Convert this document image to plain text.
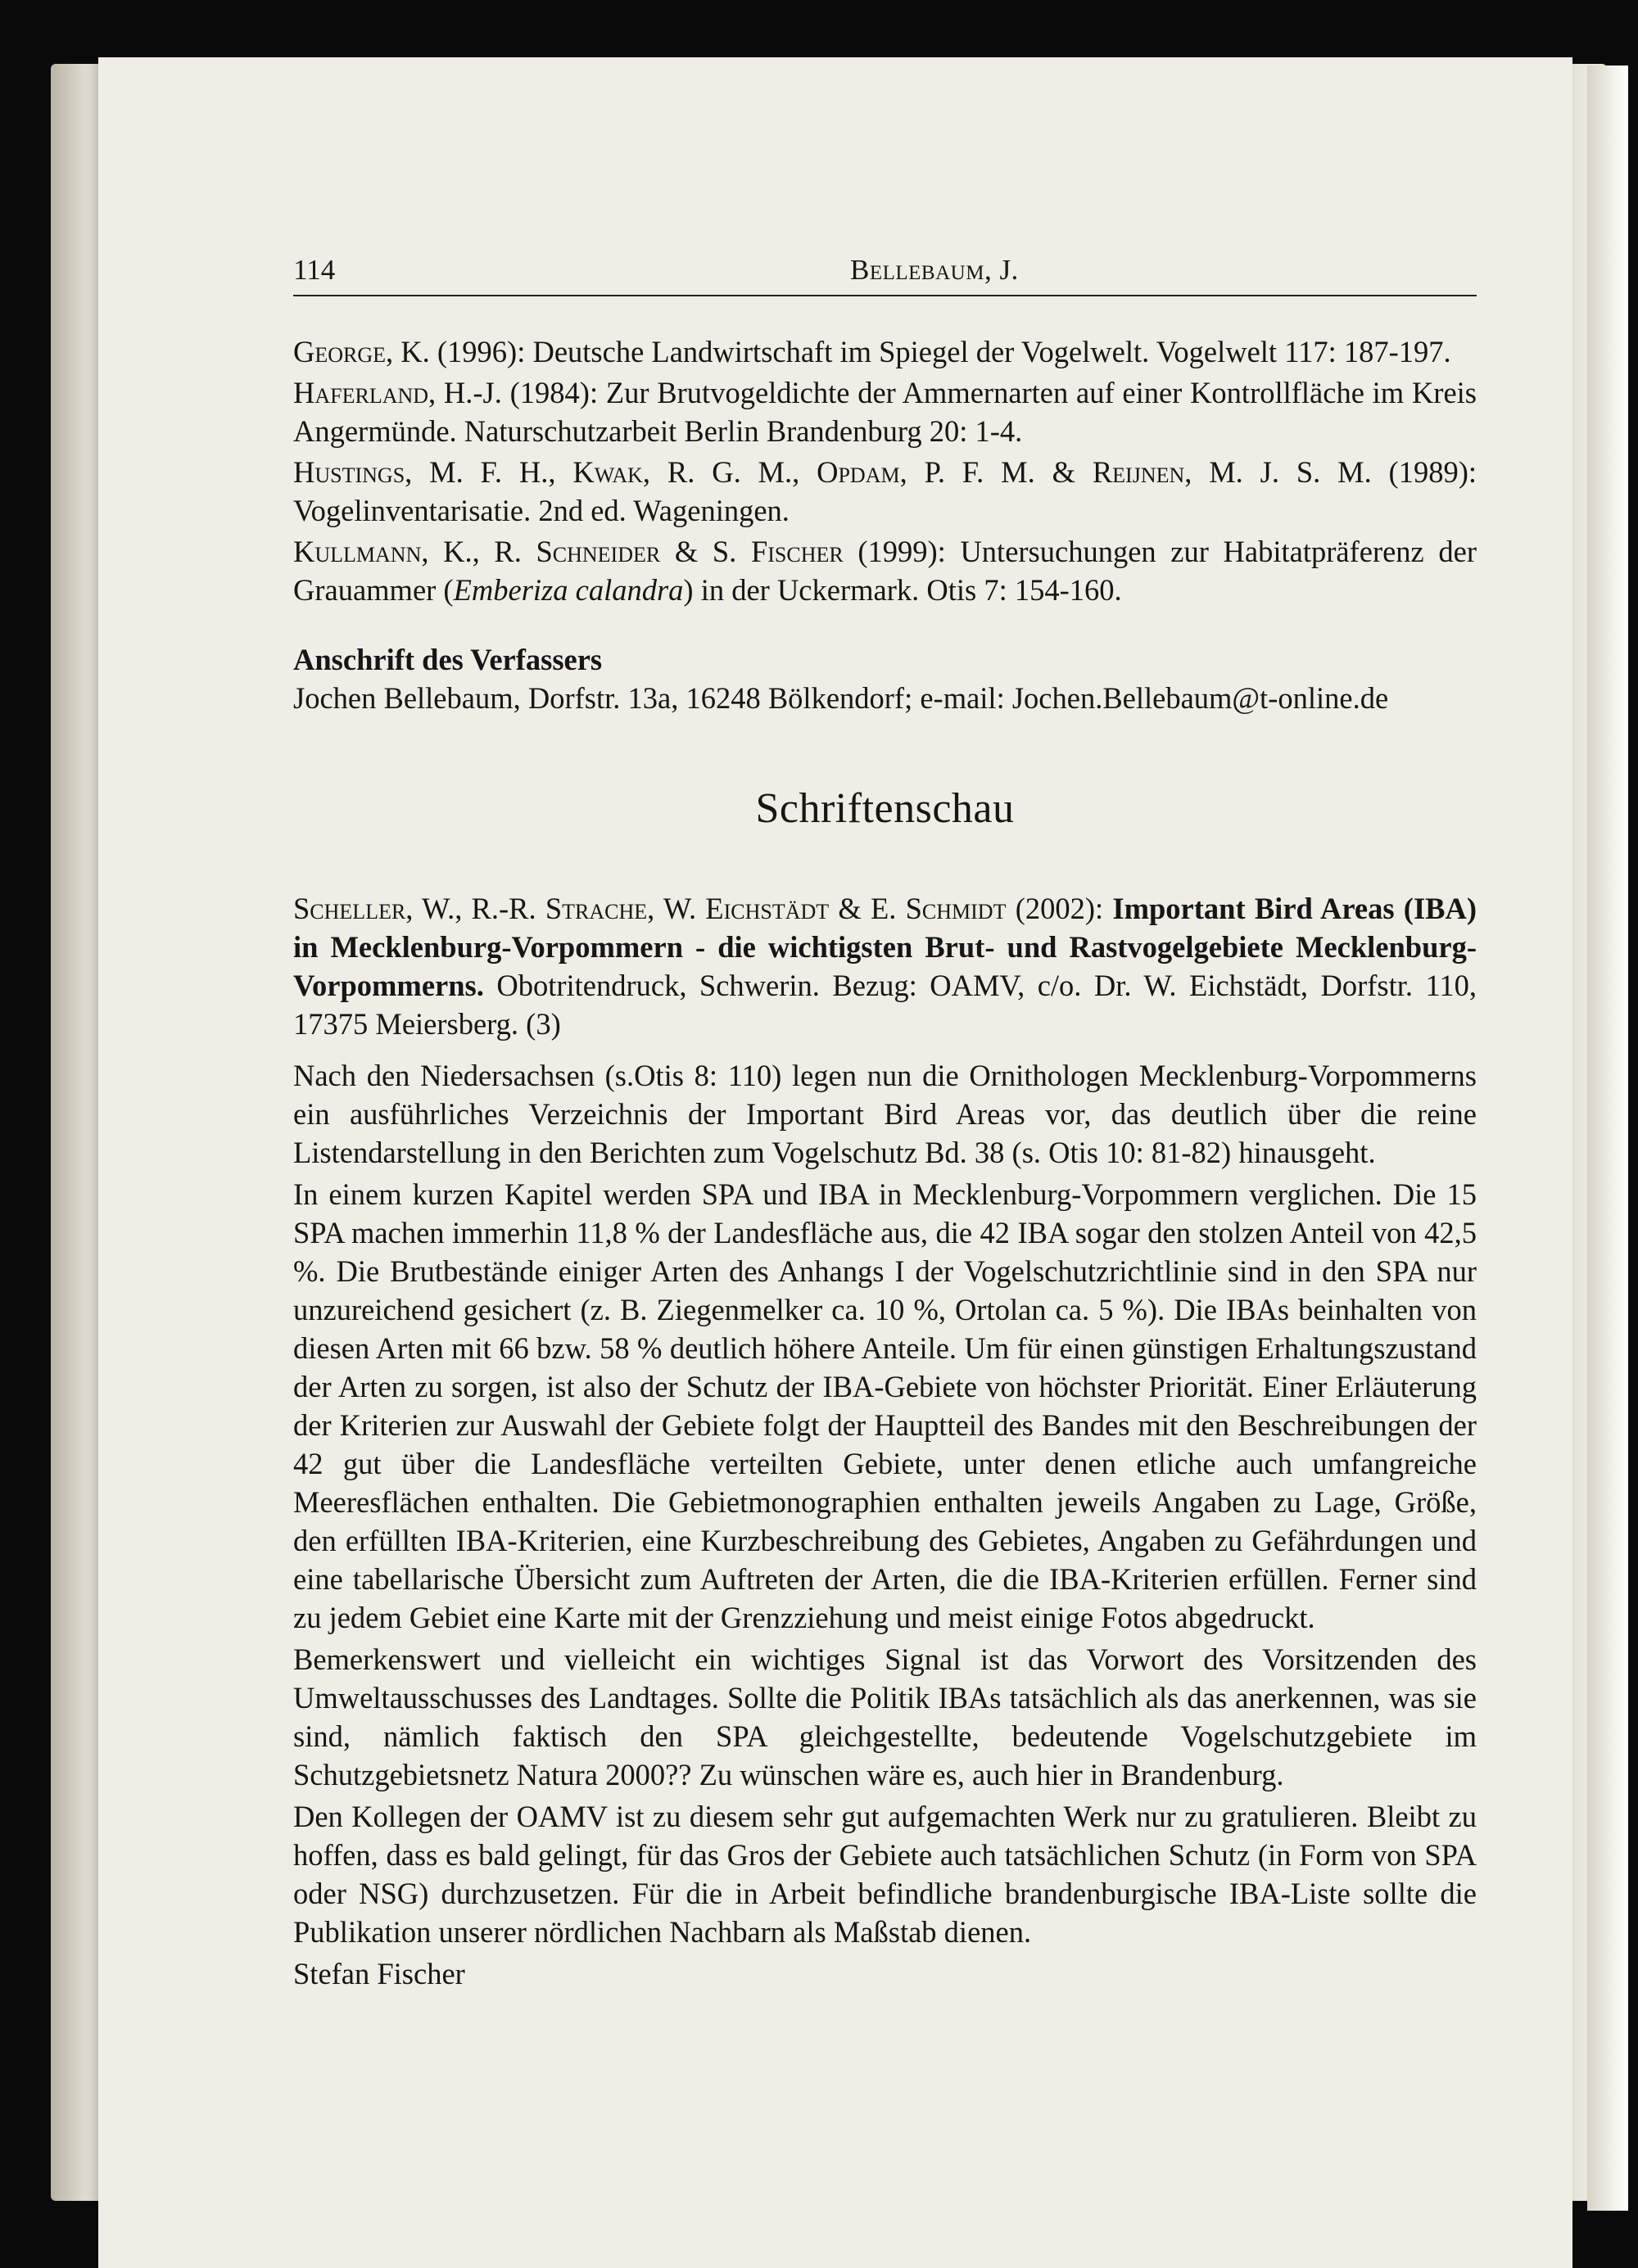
114	Bellebaum, J.

George, K. (1996): Deutsche Landwirtschaft im Spiegel der Vogelwelt. Vogelwelt 117: 187-197.

Haferland, H.-J. (1984): Zur Brutvogeldichte der Ammernarten auf einer Kontrollfläche im Kreis Angermünde. Naturschutzarbeit Berlin Brandenburg 20: 1-4.

Hustings, M. F. H., Kwak, R. G. M., Opdam, P. F. M. & Reijnen, M. J. S. M. (1989): Vogelinventarisatie. 2nd ed. Wageningen.

Kullmann, K., R. Schneider & S. Fischer (1999): Untersuchungen zur Habitatpräferenz der Grauammer (Emberiza calandra) in der Uckermark. Otis 7: 154-160.

Anschrift des Verfassers

Jochen Bellebaum, Dorfstr. 13a, 16248 Bölkendorf; e-mail: Jochen.Bellebaum@t-online.de

Schriftenschau

Scheller, W., R.-R. Strache, W. Eichstädt & E. Schmidt (2002): Important Bird Areas (IBA) in Mecklenburg-Vorpommern - die wichtigsten Brut- und Rastvogelgebiete Mecklenburg-Vorpommerns. Obotritendruck, Schwerin. Bezug: OAMV, c/o. Dr. W. Eichstädt, Dorfstr. 110, 17375 Meiersberg. (3)

Nach den Niedersachsen (s.Otis 8: 110) legen nun die Ornithologen Mecklenburg-Vorpommerns ein ausführliches Verzeichnis der Important Bird Areas vor, das deutlich über die reine Listendarstellung in den Berichten zum Vogelschutz Bd. 38 (s. Otis 10: 81-82) hinausgeht.

In einem kurzen Kapitel werden SPA und IBA in Mecklenburg-Vorpommern verglichen. Die 15 SPA machen immerhin 11,8 % der Landesfläche aus, die 42 IBA sogar den stolzen Anteil von 42,5 %. Die Brutbestände einiger Arten des Anhangs I der Vogelschutzrichtlinie sind in den SPA nur unzureichend gesichert (z. B. Ziegenmelker ca. 10 %, Ortolan ca. 5 %). Die IBAs beinhalten von diesen Arten mit 66 bzw. 58 % deutlich höhere Anteile. Um für einen günstigen Erhaltungszustand der Arten zu sorgen, ist also der Schutz der IBA-Gebiete von höchster Priorität. Einer Erläuterung der Kriterien zur Auswahl der Gebiete folgt der Hauptteil des Bandes mit den Beschreibungen der 42 gut über die Landesfläche verteilten Gebiete, unter denen etliche auch umfangreiche Meeresflächen enthalten. Die Gebietmonographien enthalten jeweils Angaben zu Lage, Größe, den erfüllten IBA-Kriterien, eine Kurzbeschreibung des Gebietes, Angaben zu Gefährdungen und eine tabellarische Übersicht zum Auftreten der Arten, die die IBA-Kriterien erfüllen. Ferner sind zu jedem Gebiet eine Karte mit der Grenzziehung und meist einige Fotos abgedruckt.

Bemerkenswert und vielleicht ein wichtiges Signal ist das Vorwort des Vorsitzenden des Umweltausschusses des Landtages. Sollte die Politik IBAs tatsächlich als das anerkennen, was sie sind, nämlich faktisch den SPA gleichgestellte, bedeutende Vogelschutzgebiete im Schutzgebietsnetz Natura 2000?? Zu wünschen wäre es, auch hier in Brandenburg.

Den Kollegen der OAMV ist zu diesem sehr gut aufgemachten Werk nur zu gratulieren. Bleibt zu hoffen, dass es bald gelingt, für das Gros der Gebiete auch tatsächlichen Schutz (in Form von SPA oder NSG) durchzusetzen. Für die in Arbeit befindliche brandenburgische IBA-Liste sollte die Publikation unserer nördlichen Nachbarn als Maßstab dienen.

Stefan Fischer
